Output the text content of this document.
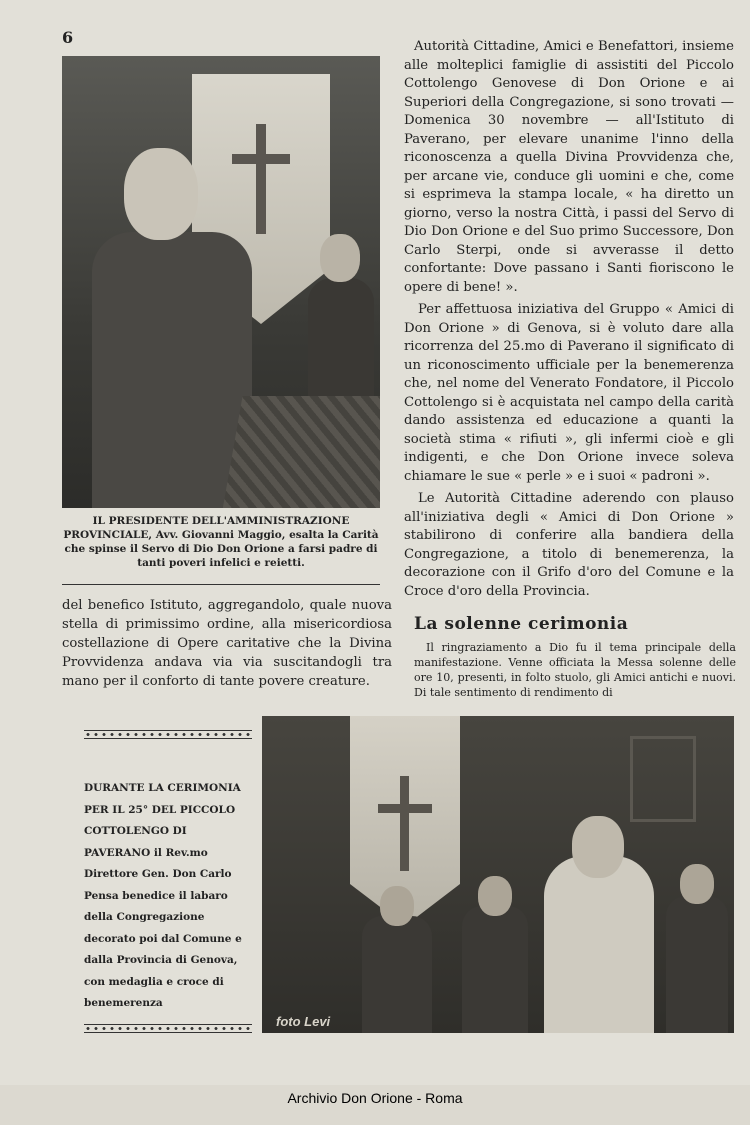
6
IL PRESIDENTE DELL'AMMINISTRAZIONE PROVINCIALE, Avv. Giovanni Maggio, esalta la Carità che spinse il Servo di Dio Don Orione a farsi padre di tanti poveri infelici e reietti.
del benefico Istituto, aggregandolo, quale nuova stella di primissimo ordine, alla misericordiosa costellazione di Opere caritative che la Divina Provvidenza andava via via suscitandogli tra mano per il conforto di tante povere creature.

Autorità Cittadine, Amici e Benefattori, insieme alle molteplici famiglie di assistiti del Piccolo Cottolengo Genovese di Don Orione e ai Superiori della Congregazione, si sono trovati — Domenica 30 novembre — all'Istituto di Paverano, per elevare unanime l'inno della riconoscenza a quella Divina Provvidenza che, per arcane vie, conduce gli uomini e che, come si esprimeva la stampa locale, « ha diretto un giorno, verso la nostra Città, i passi del Servo di Dio Don Orione e del Suo primo Successore, Don Carlo Sterpi, onde si avverasse il detto confortante: Dove passano i Santi fioriscono le opere di bene! ».

Per affettuosa iniziativa del Gruppo « Amici di Don Orione » di Genova, si è voluto dare alla ricorrenza del 25.mo di Paverano il significato di un riconoscimento ufficiale per la benemerenza che, nel nome del Venerato Fondatore, il Piccolo Cottolengo si è acquistata nel campo della carità dando assistenza ed educazione a quanti la società stima « rifiuti », gli infermi cioè e gli indigenti, e che Don Orione invece soleva chiamare le sue « perle » e i suoi « padroni ».

Le Autorità Cittadine aderendo con plauso all'iniziativa degli « Amici di Don Orione » stabilirono di conferire alla bandiera della Congregazione, a titolo di benemerenza, la decorazione con il Grifo d'oro del Comune e la Croce d'oro della Provincia.

La solenne cerimonia
Il ringraziamento a Dio fu il tema principale della manifestazione. Venne officiata la Messa solenne delle ore 10, presenti, in folto stuolo, gli Amici antichi e nuovi. Di tale sentimento di rendimento di
DURANTE LA CERIMONIA PER IL 25° DEL PICCOLO COTTOLENGO DI PAVERANO il Rev.mo Direttore Gen. Don Carlo Pensa benedice il labaro della Congregazione decorato poi dal Comune e dalla Provincia di Genova, con medaglia e croce di benemerenza
foto Levi
Archivio Don Orione - Roma
